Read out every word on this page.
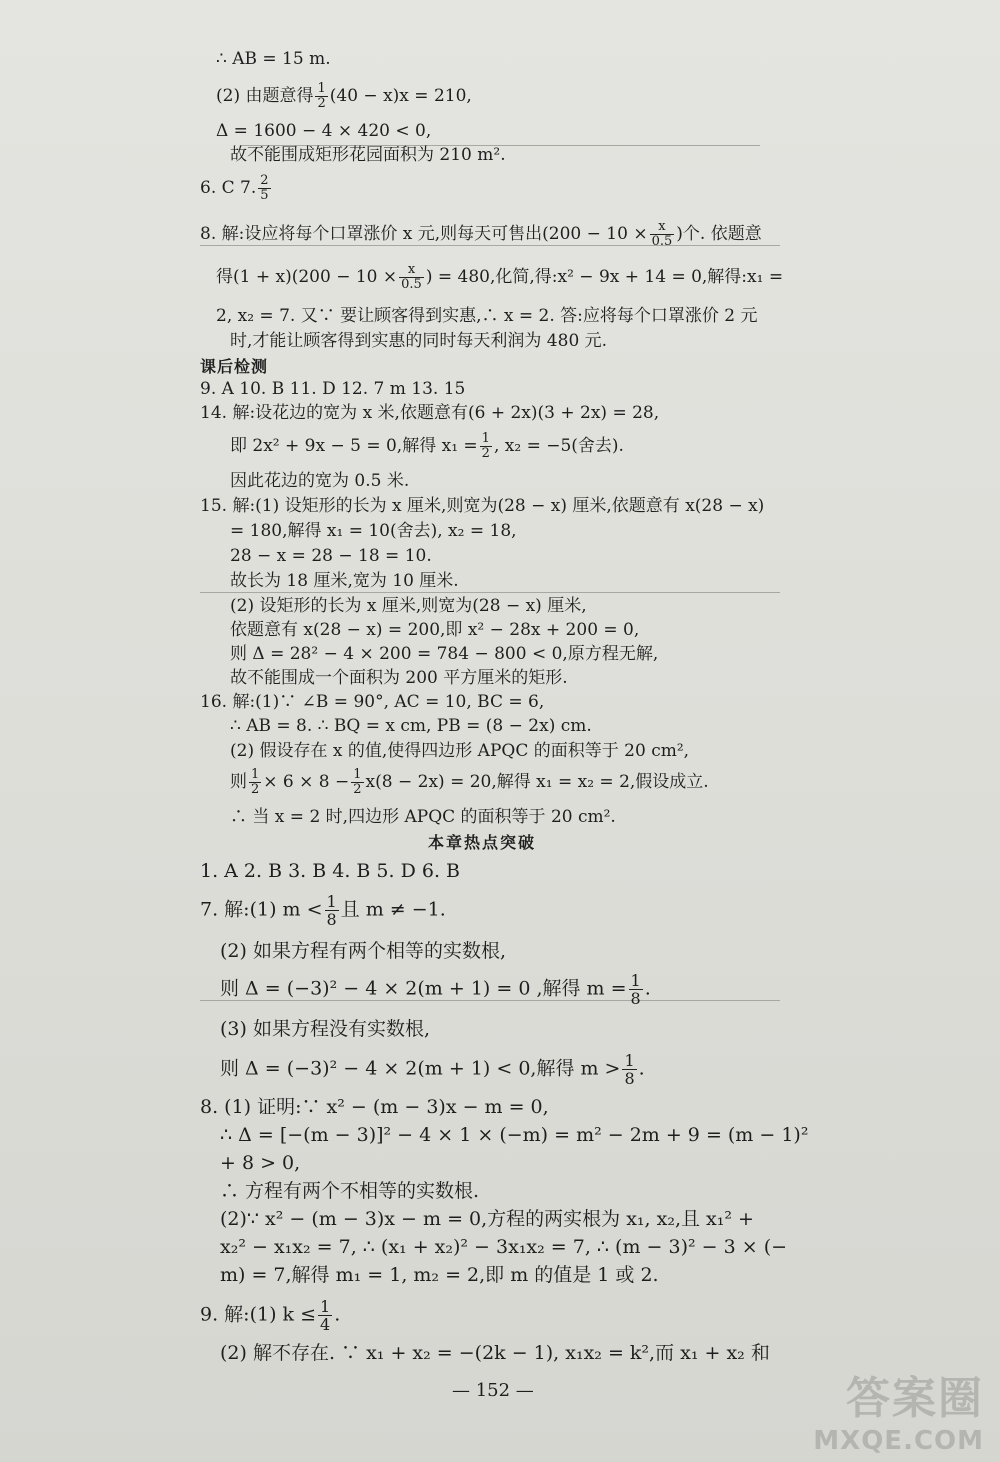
∴ AB = 15 m.
(2) 由题意得 $\frac{1}{2} (40 - x)x = 210$,
Δ = 1600 − 4 × 420 < 0,
故不能围成矩形花园面积为 210 m².
6. C 7. $\frac{2}{5}$
8. 解:设应将每个口罩涨价 x 元,则每天可售出($200 - 10 \times \frac{x}{0.5}$ )个. 依题意
得$(1 + x)(200 - 10 \times \frac{x}{0.5}$ ) = 480,化简,得:x² − 9x + 14 = 0,解得:x₁ =
2, x₂ = 7. 又∵ 要让顾客得到实惠,∴ x = 2. 答:应将每个口罩涨价 2 元
时,才能让顾客得到实惠的同时每天利润为 480 元.
课后检测
9. A 10. B 11. D 12. 7 m 13. 15
14. 解:设花边的宽为 x 米,依题意有(6 + 2x)(3 + 2x) = 28,
即 2x² + 9x − 5 = 0,解得 $x_1 = \frac{1}{2}$ , x₂ = −5(舍去).
因此花边的宽为 0.5 米.
15. 解:(1) 设矩形的长为 x 厘米,则宽为(28 − x) 厘米,依题意有 x(28 − x)
= 180,解得 x₁ = 10(舍去), x₂ = 18,
28 − x = 28 − 18 = 10.
故长为 18 厘米,宽为 10 厘米.
(2) 设矩形的长为 x 厘米,则宽为(28 − x) 厘米,
依题意有 x(28 − x) = 200,即 x² − 28x + 200 = 0,
则 Δ = 28² − 4 × 200 = 784 − 800 < 0,原方程无解,
故不能围成一个面积为 200 平方厘米的矩形.
16. 解:(1)∵ ∠B = 90°, AC = 10, BC = 6,
∴ AB = 8. ∴ BQ = x cm, PB = (8 − 2x) cm.
(2) 假设存在 x 的值,使得四边形 APQC 的面积等于 20 cm²,
则 $\frac{1}{2} \times 6 \times 8 - \frac{1}{2} x(8 - 2x) = 20$,解得 x₁ = x₂ = 2,假设成立.
∴ 当 x = 2 时,四边形 APQC 的面积等于 20 cm².
本章热点突破
1. A 2. B 3. B 4. B 5. D 6. B
7. 解:(1) $m < \frac{1}{8}$ 且 m ≠ −1.
(2) 如果方程有两个相等的实数根,
则 Δ = (−3)² − 4 × 2(m + 1) = 0 ,解得 $m = \frac{1}{8}$ .
(3) 如果方程没有实数根,
则 Δ = (−3)² − 4 × 2(m + 1) < 0,解得 $m > \frac{1}{8}$ .
8. (1) 证明:∵ x² − (m − 3)x − m = 0,
∴ Δ = [−(m − 3)]² − 4 × 1 × (−m) = m² − 2m + 9 = (m − 1)²
+ 8 > 0,
∴ 方程有两个不相等的实数根.
(2)∵ x² − (m − 3)x − m = 0,方程的两实根为 x₁, x₂,且 x₁² +
x₂² − x₁x₂ = 7, ∴ (x₁ + x₂)² − 3x₁x₂ = 7, ∴ (m − 3)² − 3 × (−
m) = 7,解得 m₁ = 1, m₂ = 2,即 m 的值是 1 或 2.
9. 解:(1) $k \le \frac{1}{4}$ .
(2) 解不存在. ∵ x₁ + x₂ = −(2k − 1), x₁x₂ = k²,而 x₁ + x₂ 和
— 152 —	答案圈
MXQE.COM
